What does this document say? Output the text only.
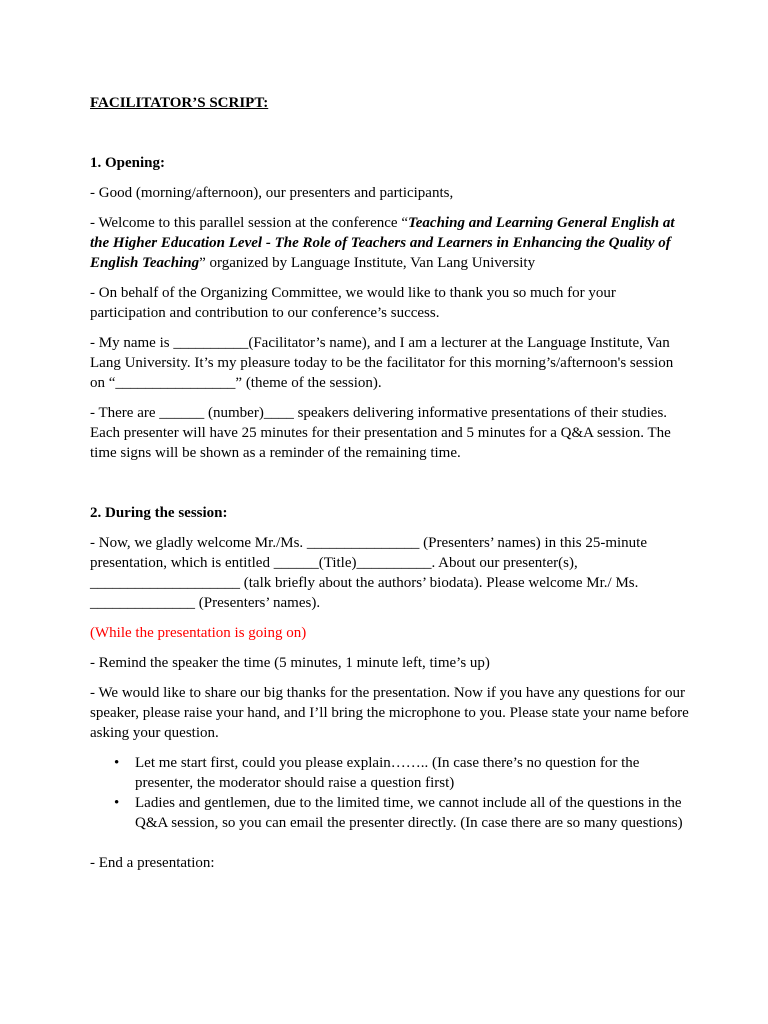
FACILITATOR’S SCRIPT:

1. Opening:

- Good (morning/afternoon), our presenters and participants,

- Welcome to this parallel session at the conference “Teaching and Learning General English at the Higher Education Level - The Role of Teachers and Learners in Enhancing the Quality of English Teaching” organized by Language Institute, Van Lang University

- On behalf of the Organizing Committee, we would like to thank you so much for your participation and contribution to our conference’s success.

- My name is __________(Facilitator’s name), and I am a lecturer at the Language Institute, Van Lang University. It’s my pleasure today to be the facilitator for this morning’s/afternoon's session on “________________” (theme of the session).

- There are ______ (number)____ speakers delivering informative presentations of their studies. Each presenter will have 25 minutes for their presentation and 5 minutes for a Q&A session. The time signs will be shown as a reminder of the remaining time.

2. During the session:

- Now, we gladly welcome Mr./Ms. _______________ (Presenters’ names) in this 25-minute presentation, which is entitled ______(Title)__________. About our presenter(s), ____________________ (talk briefly about the authors’ biodata). Please welcome Mr./ Ms. ______________ (Presenters’ names).

(While the presentation is going on)

- Remind the speaker the time (5 minutes, 1 minute left, time’s up)

- We would like to share our big thanks for the presentation. Now if you have any questions for our speaker, please raise your hand, and I’ll bring the microphone to you. Please state your name before asking your question.

• Let me start first, could you please explain…….. (In case there’s no question for the presenter, the moderator should raise a question first)
• Ladies and gentlemen, due to the limited time, we cannot include all of the questions in the Q&A session, so you can email the presenter directly. (In case there are so many questions)

- End a presentation:
